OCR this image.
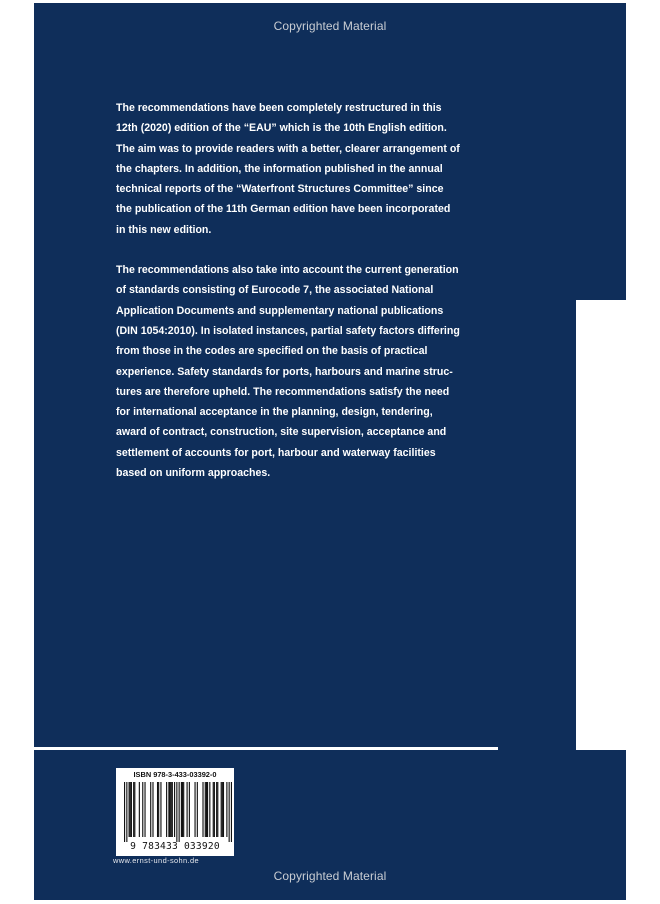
Copyrighted Material

The recommendations have been completely restructured in this
12th (2020) edition of the “EAU” which is the 10th English edition.
The aim was to provide readers with a better, clearer arrangement of
the chapters. In addition, the information published in the annual
technical reports of the “Waterfront Structures Committee” since
the publication of the 11th German edition have been incorporated
in this new edition.

The recommendations also take into account the current generation
of standards consisting of Eurocode 7, the associated National
Application Documents and supplementary national publications
(DIN 1054:2010). In isolated instances, partial safety factors differing
from those in the codes are specified on the basis of practical
experience. Safety standards for ports, harbours and marine struc-
tures are therefore upheld. The recommendations satisfy the need
for international acceptance in the planning, design, tendering,
award of contract, construction, site supervision, acceptance and
settlement of accounts for port, harbour and waterway facilities
based on uniform approaches.

ISBN 978-3-433-03392-0
9 783433 033920
www.ernst-und-sohn.de
Copyrighted Material
